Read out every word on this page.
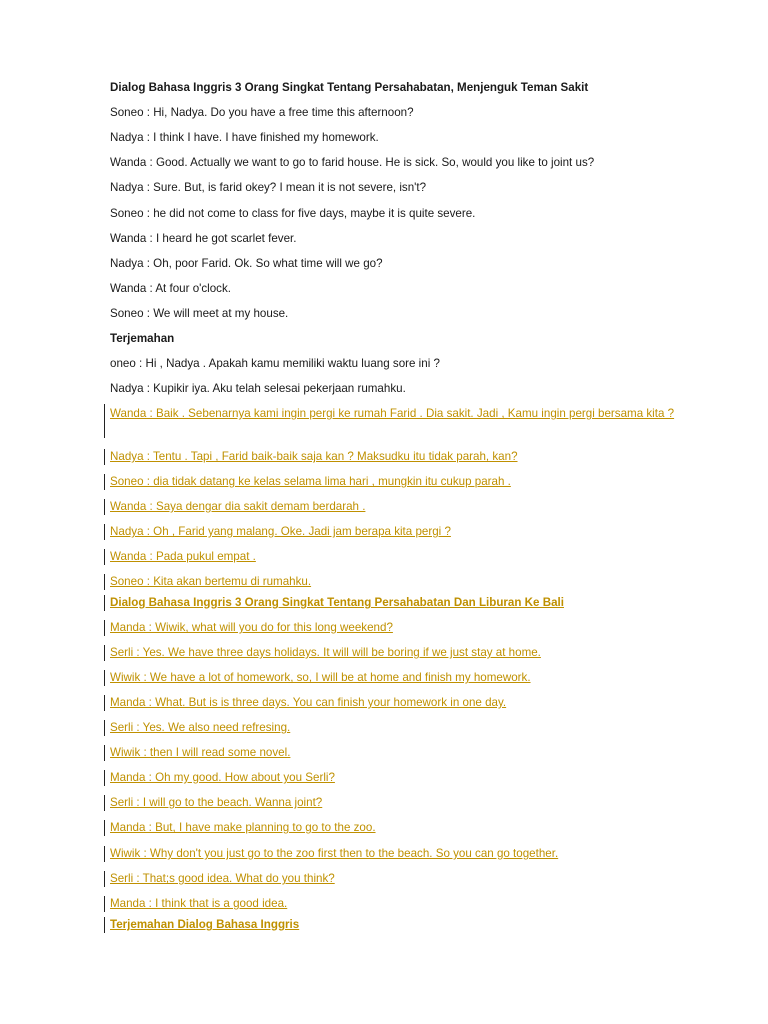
Dialog Bahasa Inggris 3 Orang Singkat Tentang Persahabatan, Menjenguk Teman Sakit
Soneo : Hi, Nadya. Do you have a free time this afternoon?
Nadya : I think I have. I have finished my homework.
Wanda : Good. Actually we want to go to farid house. He is sick. So, would you like to joint us?
Nadya : Sure. But, is farid okey? I mean it is not severe, isn't?
Soneo : he did not come to class for five days, maybe it is quite severe.
Wanda : I heard he got scarlet fever.
Nadya : Oh, poor Farid. Ok. So what time will we go?
Wanda : At four o'clock.
Soneo : We will meet at my house.
Terjemahan
oneo : Hi , Nadya . Apakah kamu memiliki waktu luang sore ini ?
Nadya : Kupikir iya. Aku telah selesai pekerjaan rumahku.
Wanda : Baik . Sebenarnya kami ingin pergi ke rumah Farid . Dia sakit. Jadi , Kamu ingin pergi bersama kita ?
Nadya : Tentu . Tapi , Farid baik-baik saja kan ? Maksudku itu tidak parah, kan?
Soneo : dia tidak datang ke kelas selama lima hari , mungkin itu cukup parah .
Wanda : Saya dengar dia sakit demam berdarah .
Nadya : Oh , Farid yang malang. Oke. Jadi jam berapa kita pergi ?
Wanda : Pada pukul empat .
Soneo : Kita akan bertemu di rumahku.
Dialog Bahasa Inggris 3 Orang Singkat Tentang Persahabatan Dan Liburan Ke Bali
Manda : Wiwik, what will you do for this long weekend?
Serli : Yes. We have three days holidays. It will will be boring if we just stay at home.
Wiwik : We have a lot of homework, so, I will be at home and finish my homework.
Manda : What. But is is three days. You can finish your homework in one day.
Serli : Yes. We also need refresing.
Wiwik : then I will read some novel.
Manda : Oh my good. How about you Serli?
Serli : I will go to the beach. Wanna joint?
Manda : But, I have make planning to go to the zoo.
Wiwik : Why don't you just go to the zoo first then to the beach. So you can go together.
Serli : That;s good idea. What do you think?
Manda : I think that is a good idea.
Terjemahan Dialog Bahasa Inggris
